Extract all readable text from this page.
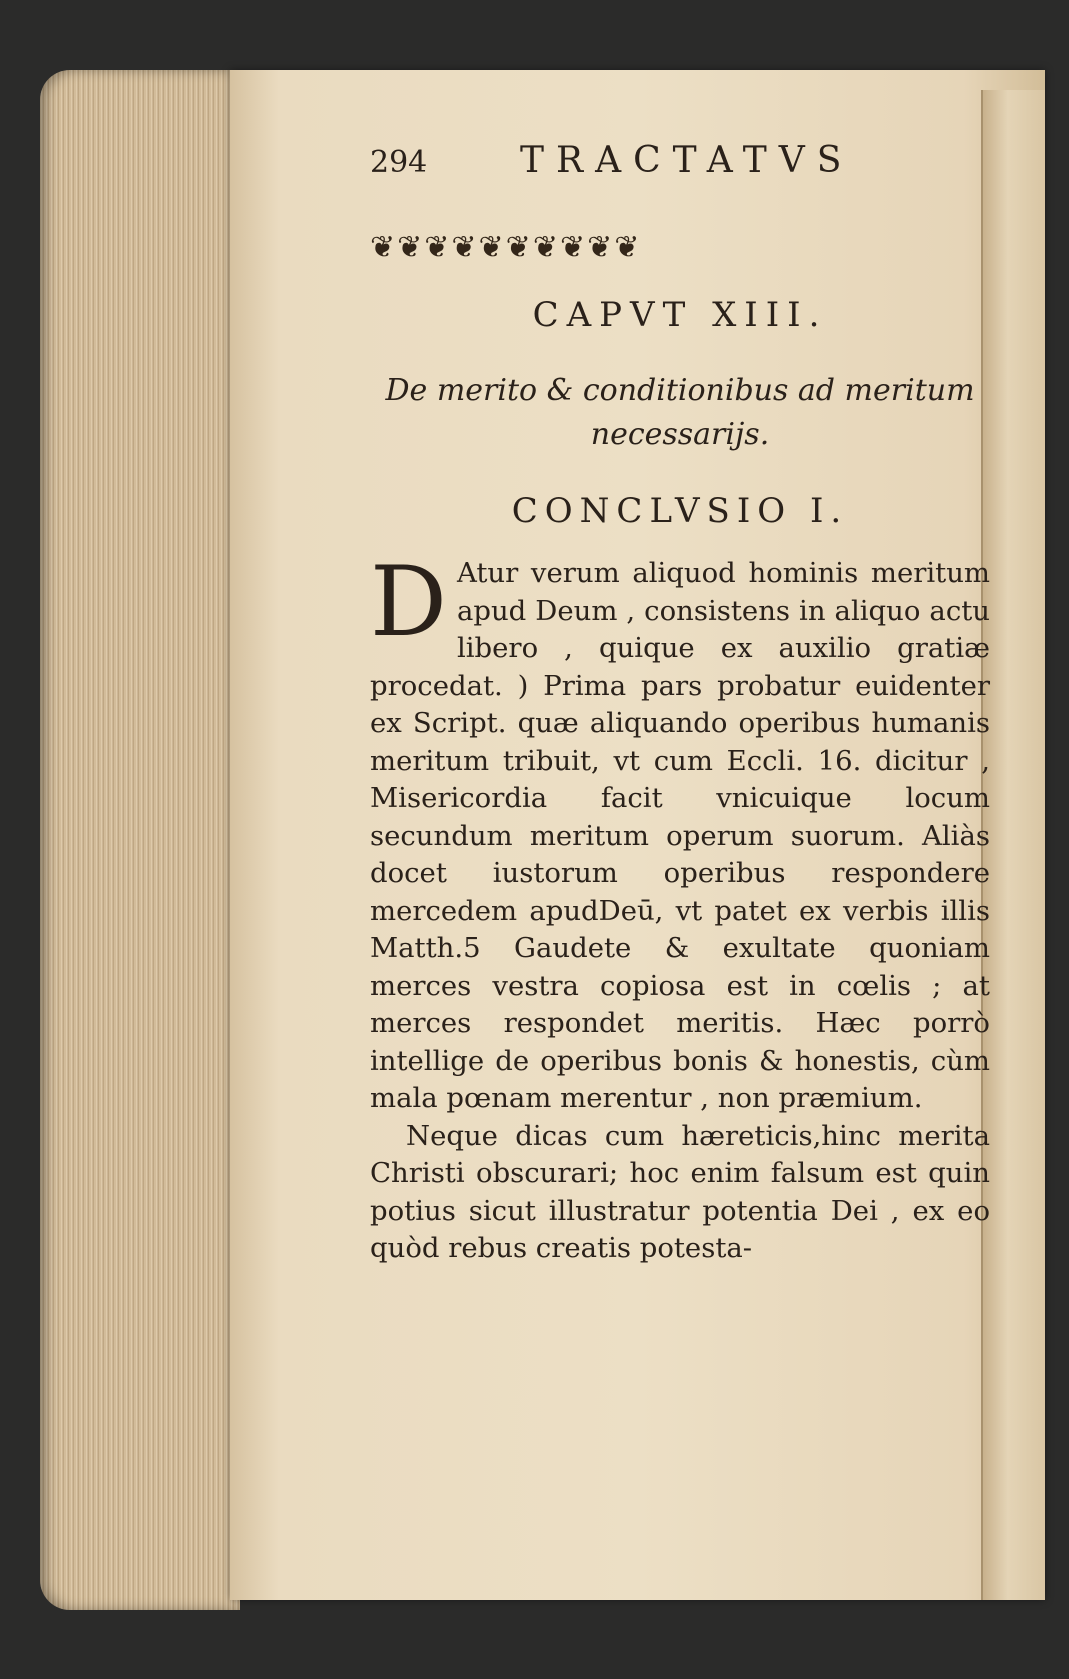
294	TRACTATVS
❦❦❦❦❦❦❦❦❦❦
CAPVT XIII.
De merito & conditionibus ad meritum
necessarijs.
CONCLVSIO I.

D Atur verum aliquod hominis meritum apud Deum , consistens in aliquo actu libero , quique ex auxilio gratiæ procedat. ) Prima pars probatur euidenter ex Script. quæ aliquando operibus humanis meritum tribuit, vt cum Eccli. 16. dicitur , Misericordia facit vnicuique locum secundum meritum operum suorum. Aliàs docet iustorum operibus respondere mercedem apudDeū, vt patet ex verbis illis Matth.5 Gaudete & exultate quoniam merces vestra copiosa est in cœlis ; at merces respondet meritis. Hæc porrò intellige de operibus bonis & honestis, cùm mala pœnam merentur , non præmium.

Neque dicas cum hæreticis,hinc merita Christi obscurari; hoc enim falsum est quin potius sicut illustratur potentia Dei , ex eo quòd rebus creatis potesta-
